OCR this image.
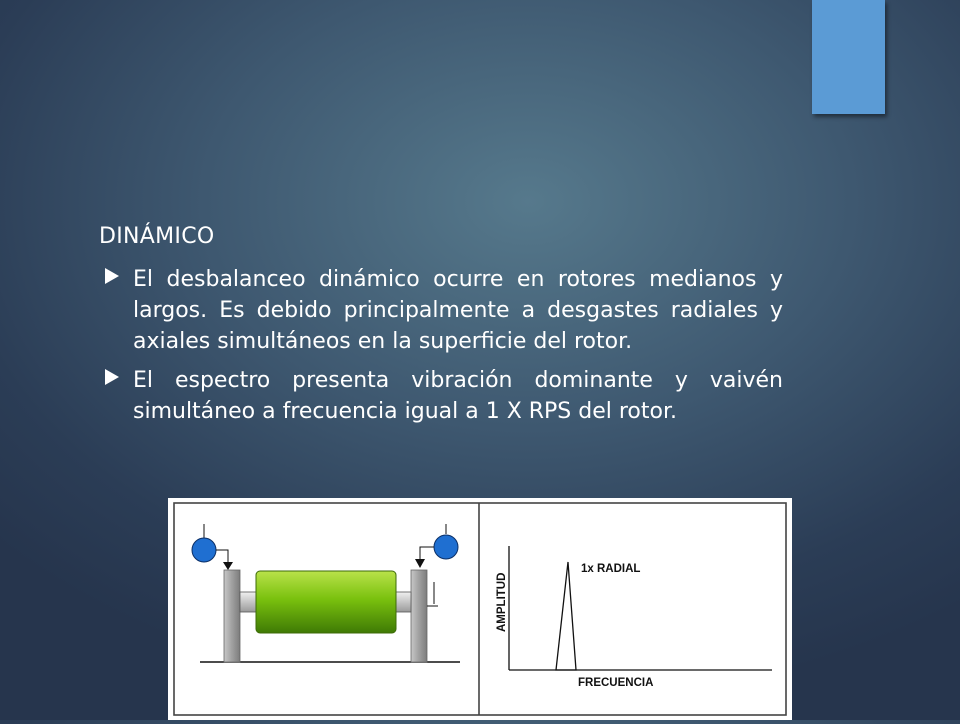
DINÁMICO
El desbalanceo dinámico ocurre en rotores medianos y largos. Es debido principalmente a desgastes radiales y axiales simultáneos en la superficie del rotor.
El espectro presenta vibración dominante y vaivén simultáneo a frecuencia igual a 1 X RPS del rotor.
1x RADIAL
FRECUENCIA
AMPLITUD
